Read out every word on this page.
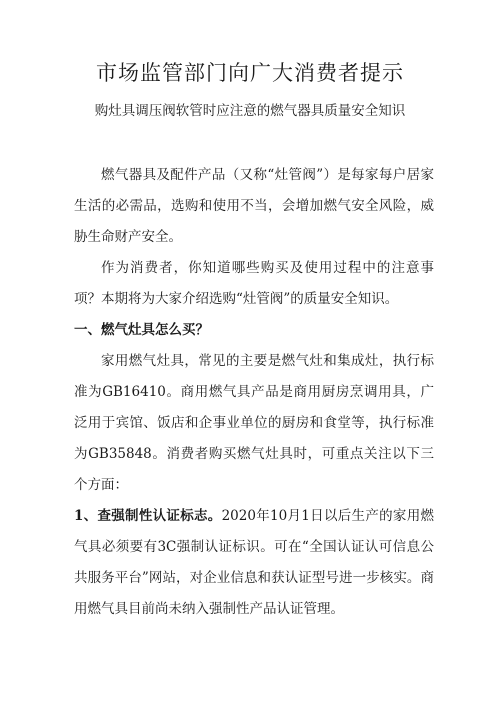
市场监管部门向广大消费者提示
购灶具调压阀软管时应注意的燃气器具质量安全知识

燃气器具及配件产品（又称“灶管阀”）是每家每户居家生活的必需品，选购和使用不当，会增加燃气安全风险，威胁生命财产安全。

作为消费者，你知道哪些购买及使用过程中的注意事项？本期将为大家介绍选购“灶管阀”的质量安全知识。

一、燃气灶具怎么买？

家用燃气灶具，常见的主要是燃气灶和集成灶，执行标准为GB16410。商用燃气具产品是商用厨房烹调用具，广泛用于宾馆、饭店和企事业单位的厨房和食堂等，执行标准为GB35848。消费者购买燃气灶具时，可重点关注以下三个方面：

1、查强制性认证标志。2020年10月1日以后生产的家用燃气具必须要有3C强制认证标识。可在“全国认证认可信息公共服务平台”网站，对企业信息和获认证型号进一步核实。商用燃气具目前尚未纳入强制性产品认证管理。
